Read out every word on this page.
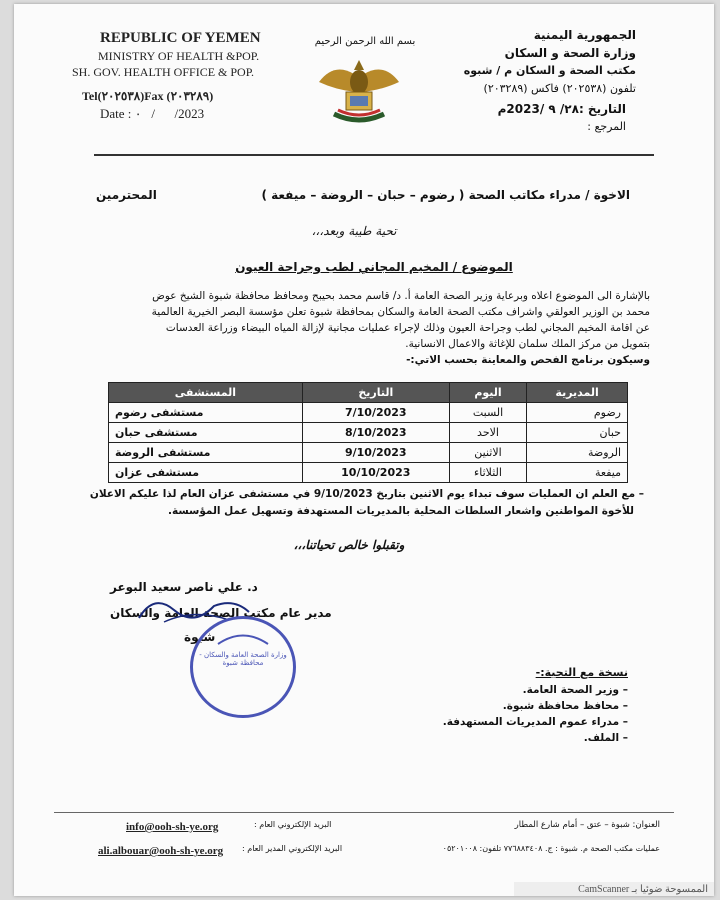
REPUBLIC OF YEMEN
MINISTRY OF HEALTH &POP.
SH. GOV. HEALTH OFFICE & POP.
Tel(٢٠٢٥٣٨)Fax (٢٠٣٢٨٩)
Date : ٠   /      /2023
بسم الله الرحمن الرحيم	الجمهورية اليمنية
وزارة الصحة و السكان
مكتب الصحة و السكان م / شبوه
تلفون (٢٠٢٥٣٨) فاكس (٢٠٣٢٨٩)
التاريخ :٢٨/ ٩ /2023م
المرجع :
الاخوة / مدراء مكاتب الصحة ( رضوم – حبان – الروضة – ميفعة )
المحترمين
تحية طيبة وبعد،،،
الموضوع / المخيم المجاني لطب وجراحة العيون
بالإشارة الى الموضوع اعلاه وبرعاية وزير الصحة العامة أ. د/ قاسم محمد بحيبح ومحافظ محافظة شبوة الشيخ عوض
محمد بن الوزير العولقي واشراف مكتب الصحة العامة والسكان بمحافظة شبوة تعلن مؤسسة البصر الخيرية العالمية
عن اقامة المخيم المجاني لطب وجراحة العيون وذلك لإجراء عمليات مجانية لإزالة المياه البيضاء وزراعة العدسات
بتمويل من مركز الملك سلمان للإغاثة والاعمال الانسانية.
وسيكون برنامج الفحص والمعاينة بحسب الاتي:-
المديرية	اليوم	التاريخ	المستشفى
رضوم	السبت	7/10/2023	مستشفى رضوم
حبان	الاحد	8/10/2023	مستشفى حبان
الروضة	الاثنين	9/10/2023	مستشفى الروضة
ميفعة	الثلاثاء	10/10/2023	مستشفى عزان
– مع العلم ان العمليات سوف تبداء يوم الاثنين بتاريخ 9/10/2023 في مستشفى عزان العام لذا عليكم الاعلان
للأخوة المواطنين واشعار السلطات المحلية بالمديريات المستهدفة وتسهيل عمل المؤسسة.
وتقبلوا خالص تحياتنا،،،
د. علي ناصر سعيد البوعر
مدير عام مكتب الصحة العامة والسكان
شبوة
وزارة الصحة العامة والسكان - محافظة شبوة
نسخة مع التحية:-
– وزير الصحة العامة.
– محافظ محافظة شبوة.
– مدراء عموم المديريات المستهدفة.
– الملف.
info@ooh-sh-ye.org	البريد الإلكتروني العام :
ali.albouar@ooh-sh-ye.org البريد الإلكتروني المدير العام :
العنوان: شبوة – عتق – أمام شارع المطار
عمليات مكتب الصحة م. شبوة : ج. ٧٧٦٨٨٣٤٠٨ تلفون: ٠٥٢٠١٠٠٨
CamScanner الممسوحة ضوئيا بـ
